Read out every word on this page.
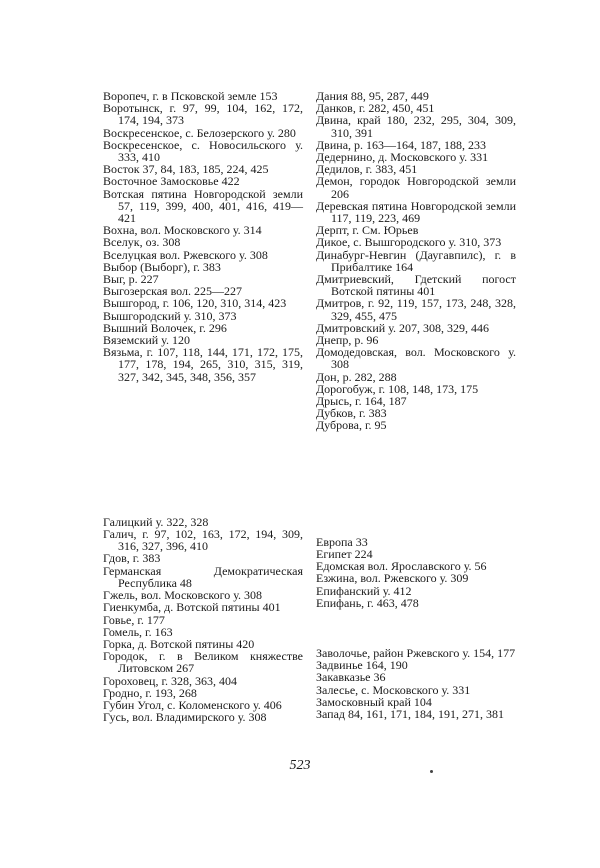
Воропеч, г. в Псковской земле 153

Воротынск, г. 97, 99, 104, 162, 172, 174, 194, 373

Воскресенское, с. Белозерского у. 280

Воскресенское, с. Новосильского у. 333, 410

Восток 37, 84, 183, 185, 224, 425

Восточное Замосковье 422

Вотская пятина Новгородской земли 57, 119, 399, 400, 401, 416, 419—421

Вохна, вол. Московского у. 314

Вселук, оз. 308

Вселуцкая вол. Ржевского у. 308

Выбор (Выборг), г. 383

Выг, р. 227

Выгозерская вол. 225—227

Вышгород, г. 106, 120, 310, 314, 423

Вышгородский у. 310, 373

Вышний Волочек, г. 296

Вяземский у. 120

Вязьма, г. 107, 118, 144, 171, 172, 175, 177, 178, 194, 265, 310, 315, 319, 327, 342, 345, 348, 356, 357

Галицкий у. 322, 328

Галич, г. 97, 102, 163, 172, 194, 309, 316, 327, 396, 410

Гдов, г. 383

Германская Демократическая Республика 48

Гжель, вол. Московского у. 308

Гиенкумба, д. Вотской пятины 401

Говье, г. 177

Гомель, г. 163

Горка, д. Вотской пятины 420

Городок, г. в Великом княжестве Литовском 267

Гороховец, г. 328, 363, 404

Гродно, г. 193, 268

Губин Угол, с. Коломенского у. 406

Гусь, вол. Владимирского у. 308

Дания 88, 95, 287, 449

Данков, г. 282, 450, 451

Двина, край 180, 232, 295, 304, 309, 310, 391

Двина, р. 163—164, 187, 188, 233

Дедернино, д. Московского у. 331

Дедилов, г. 383, 451

Демон, городок Новгородской земли 206

Деревская пятина Новгородской земли 117, 119, 223, 469

Дерпт, г. См. Юрьев

Дикое, с. Вышгородского у. 310, 373

Динабург-Невгин (Даугавпилс), г. в Прибалтике 164

Дмитриевский, Гдетский погост Вотской пятины 401

Дмитров, г. 92, 119, 157, 173, 248, 328, 329, 455, 475

Дмитровский у. 207, 308, 329, 446

Днепр, р. 96

Домодедовская, вол. Московского у. 308

Дон, р. 282, 288

Дорогобуж, г. 108, 148, 173, 175

Дрысь, г. 164, 187

Дубков, г. 383

Дуброва, г. 95

Европа 33

Египет 224

Едомская вол. Ярославского у. 56

Езжина, вол. Ржевского у. 309

Епифанский у. 412

Епифань, г. 463, 478

Заволочье, район Ржевского у. 154, 177

Задвинье 164, 190

Закавказье 36

Залесье, с. Московского у. 331

Замосковный край 104

Запад 84, 161, 171, 184, 191, 271, 381

523
